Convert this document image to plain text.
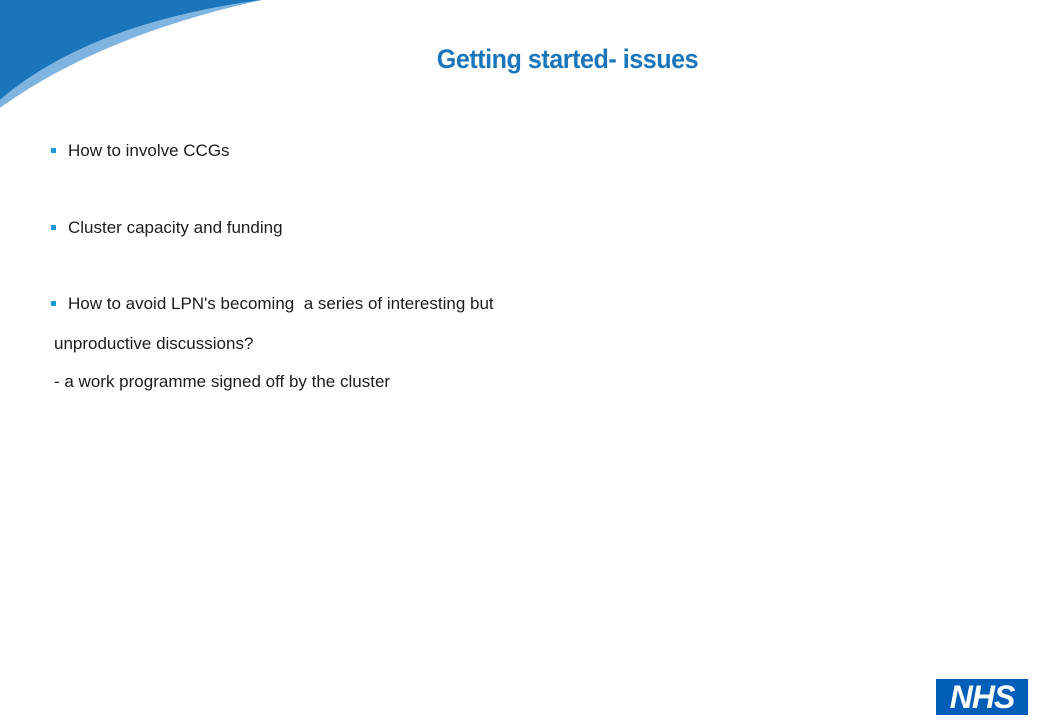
Getting started- issues
How to involve CCGs
Cluster capacity and funding
How to avoid LPN's becoming  a series of interesting but
unproductive discussions?
- a work programme signed off by the cluster
NHS
